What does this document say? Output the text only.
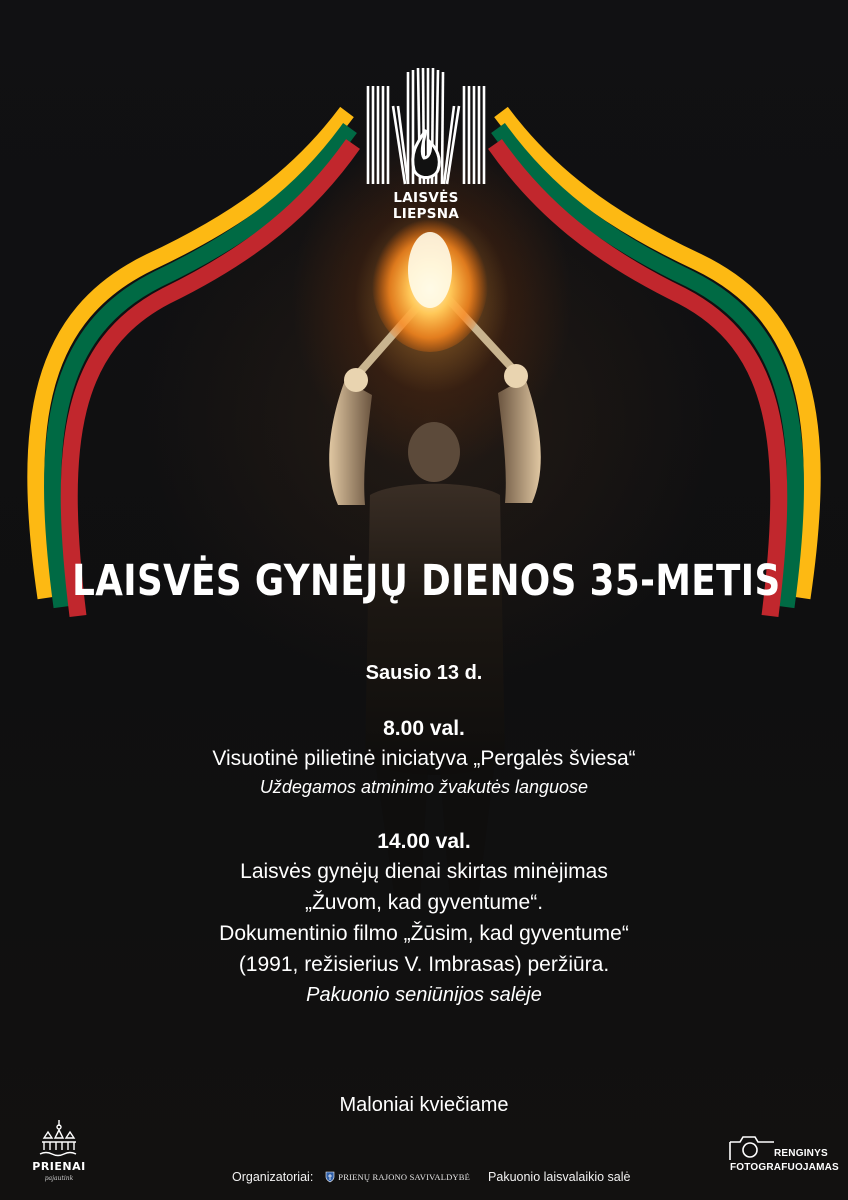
LAISVĖS LIEPSNA
LAISVĖS GYNĖJŲ DIENOS 35-METIS
Sausio 13 d.
8.00 val.
Visuotinė pilietinė iniciatyva „Pergalės šviesa“
Uždegamos atminimo žvakutės languose
14.00 val.
Laisvės gynėjų dienai skirtas minėjimas
„Žuvom, kad gyventume“.
Dokumentinio filmo „Žūsim, kad gyventume“
(1991, režisierius V. Imbrasas) peržiūra.
Pakuonio seniūnijos salėje
Maloniai kviečiame
PRIENAI
pajautink	Organizatoriai:	PRIENŲ RAJONO SAVIVALDYBĖ Pakuonio laisvalaikio salė
RENGINYS
FOTOGRAFUOJAMAS
